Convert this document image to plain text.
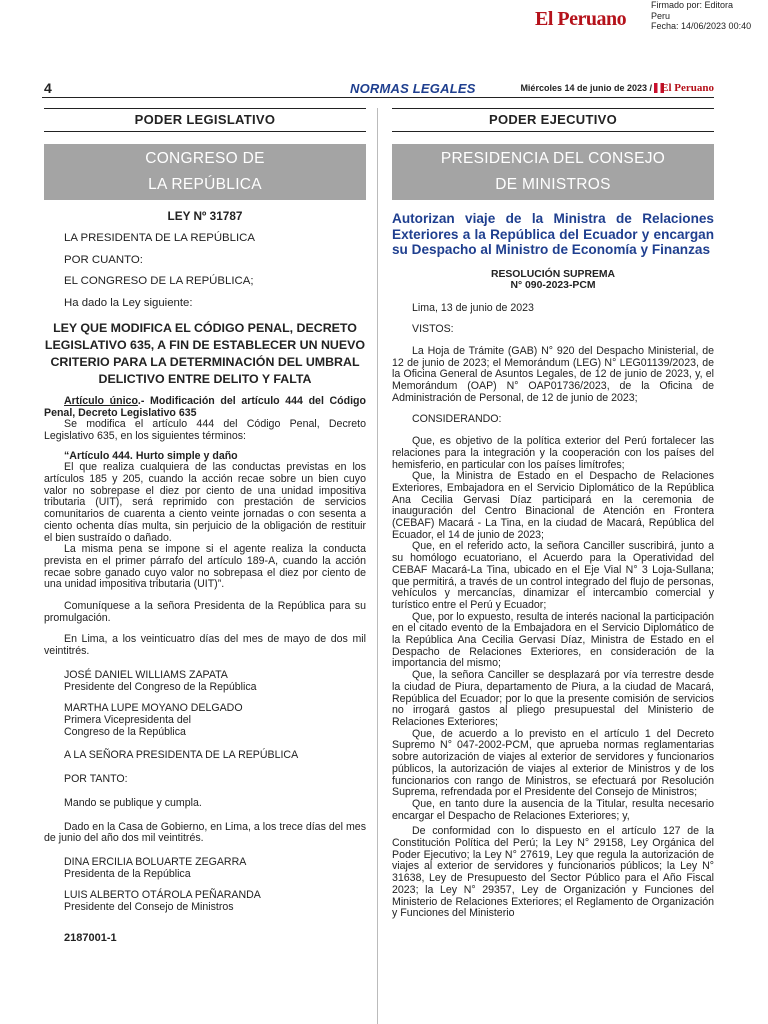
El Peruano
Firmado por: Editora
Peru
Fecha: 14/06/2023 00:40
4	NORMAS LEGALES	Miércoles 14 de junio de 2023 / El Peruano
PODER LEGISLATIVO
CONGRESO DE
LA REPÚBLICA
LEY Nº 31787
LA PRESIDENTA DE LA REPÚBLICA
POR CUANTO:
EL CONGRESO DE LA REPÚBLICA;
Ha dado la Ley siguiente:
LEY QUE MODIFICA EL CÓDIGO PENAL, DECRETO LEGISLATIVO 635, A FIN DE ESTABLECER UN NUEVO CRITERIO PARA LA DETERMINACIÓN DEL UMBRAL DELICTIVO ENTRE DELITO Y FALTA
Artículo único.- Modificación del artículo 444 del Código Penal, Decreto Legislativo 635
Se modifica el artículo 444 del Código Penal, Decreto Legislativo 635, en los siguientes términos:
“Artículo 444. Hurto simple y daño
El que realiza cualquiera de las conductas previstas en los artículos 185 y 205, cuando la acción recae sobre un bien cuyo valor no sobrepase el diez por ciento de una unidad impositiva tributaria (UIT), será reprimido con prestación de servicios comunitarios de cuarenta a ciento veinte jornadas o con sesenta a ciento ochenta días multa, sin perjuicio de la obligación de restituir el bien sustraído o dañado.
La misma pena se impone si el agente realiza la conducta prevista en el primer párrafo del artículo 189-A, cuando la acción recae sobre ganado cuyo valor no sobrepasa el diez por ciento de una unidad impositiva tributaria (UIT)”.
Comuníquese a la señora Presidenta de la República para su promulgación.
En Lima, a los veinticuatro días del mes de mayo de dos mil veintitrés.
JOSÉ DANIEL WILLIAMS ZAPATA
Presidente del Congreso de la República
MARTHA LUPE MOYANO DELGADO
Primera Vicepresidenta del
Congreso de la República
A LA SEÑORA PRESIDENTA DE LA REPÚBLICA
POR TANTO:
Mando se publique y cumpla.
Dado en la Casa de Gobierno, en Lima, a los trece días del mes de junio del año dos mil veintitrés.
DINA ERCILIA BOLUARTE ZEGARRA
Presidenta de la República
LUIS ALBERTO OTÁROLA PEÑARANDA
Presidente del Consejo de Ministros
2187001-1
PODER EJECUTIVO
PRESIDENCIA DEL CONSEJO
DE MINISTROS
Autorizan viaje de la Ministra de Relaciones Exteriores a la República del Ecuador y encargan su Despacho al Ministro de Economía y Finanzas
RESOLUCIÓN SUPREMA
N° 090-2023-PCM
Lima, 13 de junio de 2023
VISTOS:
La Hoja de Trámite (GAB) N° 920 del Despacho Ministerial, de 12 de junio de 2023; el Memorándum (LEG) N° LEG01139/2023, de la Oficina General de Asuntos Legales, de 12 de junio de 2023, y, el Memorándum (OAP) N° OAP01736/2023, de la Oficina de Administración de Personal, de 12 de junio de 2023;
CONSIDERANDO:
Que, es objetivo de la política exterior del Perú fortalecer las relaciones para la integración y la cooperación con los países del hemisferio, en particular con los países limítrofes;
Que, la Ministra de Estado en el Despacho de Relaciones Exteriores, Embajadora en el Servicio Diplomático de la República Ana Cecilia Gervasi Díaz participará en la ceremonia de inauguración del Centro Binacional de Atención en Frontera (CEBAF) Macará - La Tina, en la ciudad de Macará, República del Ecuador, el 14 de junio de 2023;
Que, en el referido acto, la señora Canciller suscribirá, junto a su homólogo ecuatoriano, el Acuerdo para la Operatividad del CEBAF Macará-La Tina, ubicado en el Eje Vial N° 3 Loja-Sullana; que permitirá, a través de un control integrado del flujo de personas, vehículos y mercancías, dinamizar el intercambio comercial y turístico entre el Perú y Ecuador;
Que, por lo expuesto, resulta de interés nacional la participación en el citado evento de la Embajadora en el Servicio Diplomático de la República Ana Cecilia Gervasi Díaz, Ministra de Estado en el Despacho de Relaciones Exteriores, en consideración de la importancia del mismo;
Que, la señora Canciller se desplazará por vía terrestre desde la ciudad de Piura, departamento de Piura, a la ciudad de Macará, República del Ecuador; por lo que la presente comisión de servicios no irrogará gastos al pliego presupuestal del Ministerio de Relaciones Exteriores;
Que, de acuerdo a lo previsto en el artículo 1 del Decreto Supremo N° 047-2002-PCM, que aprueba normas reglamentarias sobre autorización de viajes al exterior de servidores y funcionarios públicos, la autorización de viajes al exterior de Ministros y de los funcionarios con rango de Ministros, se efectuará por Resolución Suprema, refrendada por el Presidente del Consejo de Ministros;
Que, en tanto dure la ausencia de la Titular, resulta necesario encargar el Despacho de Relaciones Exteriores; y,
De conformidad con lo dispuesto en el artículo 127 de la Constitución Política del Perú; la Ley N° 29158, Ley Orgánica del Poder Ejecutivo; la Ley N° 27619, Ley que regula la autorización de viajes al exterior de servidores y funcionarios públicos; la Ley N° 31638, Ley de Presupuesto del Sector Público para el Año Fiscal 2023; la Ley N° 29357, Ley de Organización y Funciones del Ministerio de Relaciones Exteriores; el Reglamento de Organización y Funciones del Ministerio
